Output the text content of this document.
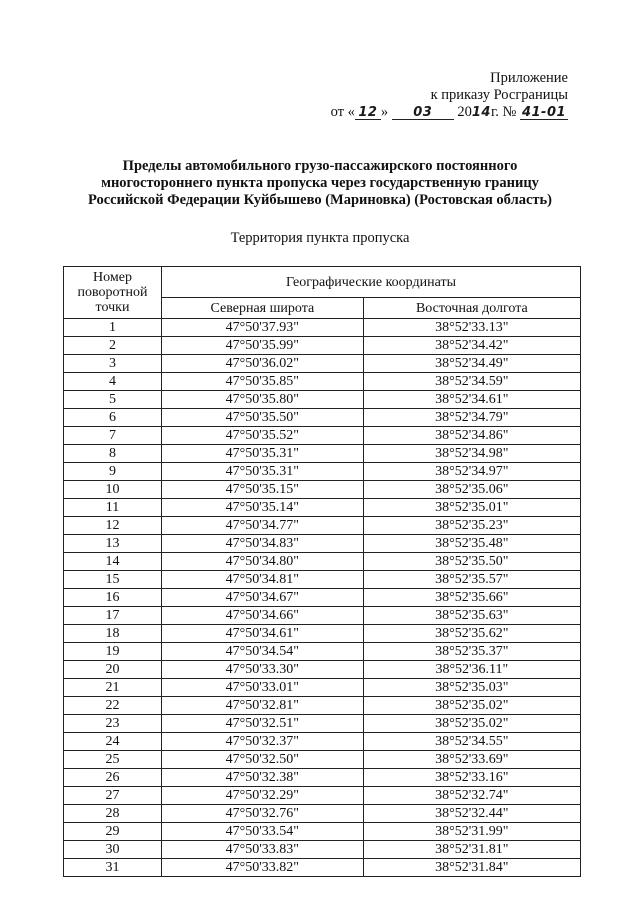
Приложение
к приказу Росграницы
от « 12 » 03 2014г. № 41-01
Пределы автомобильного грузо-пассажирского постоянного
многостороннего пункта пропуска через государственную границу
Российской Федерации Куйбышево (Мариновка) (Ростовская область)
Территория пункта пропуска
Номер поворотной точки	Географические координаты	
	Северная широта	Восточная долгота
1	47°50'37.93"	38°52'33.13"
2	47°50'35.99"	38°52'34.42"
3	47°50'36.02"	38°52'34.49"
4	47°50'35.85"	38°52'34.59"
5	47°50'35.80"	38°52'34.61"
6	47°50'35.50"	38°52'34.79"
7	47°50'35.52"	38°52'34.86"
8	47°50'35.31"	38°52'34.98"
9	47°50'35.31"	38°52'34.97"
10	47°50'35.15"	38°52'35.06"
11	47°50'35.14"	38°52'35.01"
12	47°50'34.77"	38°52'35.23"
13	47°50'34.83"	38°52'35.48"
14	47°50'34.80"	38°52'35.50"
15	47°50'34.81"	38°52'35.57"
16	47°50'34.67"	38°52'35.66"
17	47°50'34.66"	38°52'35.63"
18	47°50'34.61"	38°52'35.62"
19	47°50'34.54"	38°52'35.37"
20	47°50'33.30"	38°52'36.11"
21	47°50'33.01"	38°52'35.03"
22	47°50'32.81"	38°52'35.02"
23	47°50'32.51"	38°52'35.02"
24	47°50'32.37"	38°52'34.55"
25	47°50'32.50"	38°52'33.69"
26	47°50'32.38"	38°52'33.16"
27	47°50'32.29"	38°52'32.74"
28	47°50'32.76"	38°52'32.44"
29	47°50'33.54"	38°52'31.99"
30	47°50'33.83"	38°52'31.81"
31	47°50'33.82"	38°52'31.84"
